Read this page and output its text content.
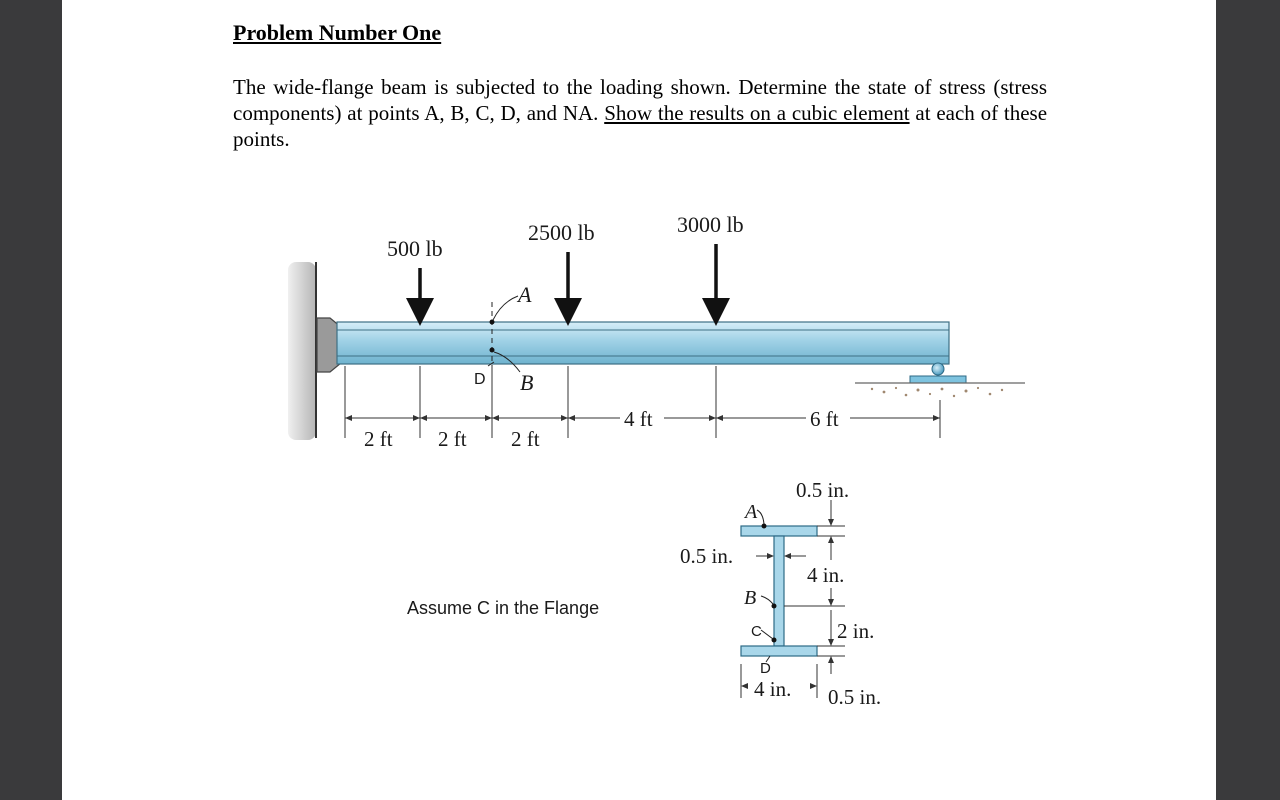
Problem Number One

The wide-flange beam is subjected to the loading shown. Determine the state of stress (stress components) at points A, B, C, D, and NA. Show the results on a cubic element at each of these points.

500 lb
2500 lb	3000 lb
A
B
D
2 ft 2 ft 2 ft
4 ft	6 ft
Assume C in the Flange
A
B
C
D
0.5 in.
0.5 in.
4 in.
2 in.
4 in. 0.5 in.
